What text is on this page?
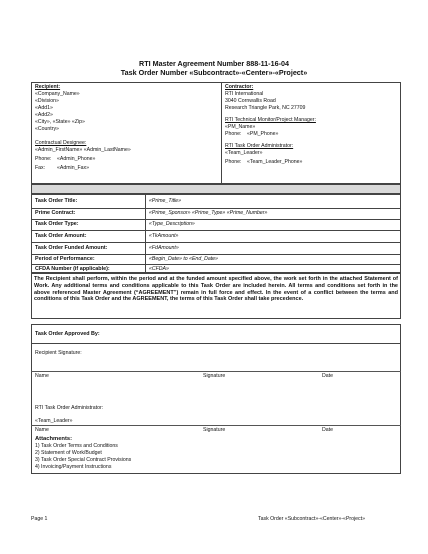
RTI Master Agreement Number 888-11-16-04
Task Order Number «Subcontract»-«Center»-«Project»
Recipient:
«Company_Name»
«Division»
«Add1»
«Add2»
«City», «State» «Zip»
«Country»
Contractual Designee:
«Admin_FirstName» «Admin_LastName»
Phone: «Admin_Phone»
Fax: «Admin_Fax»
Contractor:
RTI International
3040 Cornwallis Road
Research Triangle Park, NC 27709
RTI Technical Monitor/Project Manager:
«PM_Name»
Phone: «PM_Phone»
RTI Task Order Administrator:
«Team_Leader»
Phone: «Team_Leader_Phone»
Task Order Title:	«Prime_Title»
Prime Contract:	«Prime_Sponsor» «Prime_Type» «Prime_Number»
Task Order Type:	«Type_Description»
Task Order Amount:	«TkAmount»
Task Order Funded Amount:	«FdAmount»
Period of Performance:	«Begin_Date» to «End_Date»
CFDA Number (if applicable):	«CFDA»
The Recipient shall perform, within the period and at the funded amount specified above, the work set forth in the attached Statement of Work. Any additional terms and conditions applicable to this Task Order are included herein. All terms and conditions set forth in the above referenced Master Agreement (“AGREEMENT”) remain in full force and effect. In the event of a conflict between the terms and conditions of this Task Order and the AGREEMENT, the terms of this Task Order shall take precedence.
Task Order Approved By:
Recipient Signature:
Name	Signature	Date
RTI Task Order Administrator:
«Team_Leader»
Name	Signature	Date
Attachments:
1) Task Order Terms and Conditions
2) Statement of Work/Budget
3) Task Order Special Contract Provisions
4) Invoicing/Payment Instructions
Page 1	Task Order «Subcontract»-«Center»-«Project»
